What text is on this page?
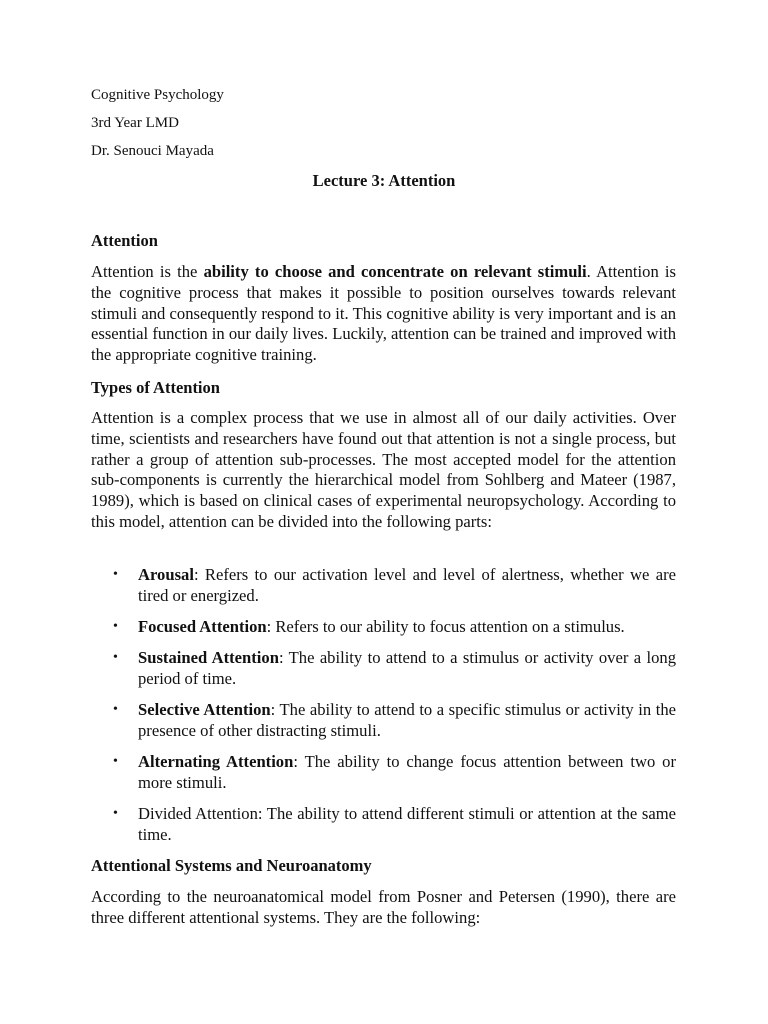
Cognitive Psychology
3rd Year LMD
Dr. Senouci Mayada
Lecture 3: Attention
Attention
Attention is the ability to choose and concentrate on relevant stimuli. Attention is the cognitive process that makes it possible to position ourselves towards relevant stimuli and consequently respond to it. This cognitive ability is very important and is an essential function in our daily lives. Luckily, attention can be trained and improved with the appropriate cognitive training.
Types of Attention
Attention is a complex process that we use in almost all of our daily activities. Over time, scientists and researchers have found out that attention is not a single process, but rather a group of attention sub-processes. The most accepted model for the attention sub-components is currently the hierarchical model from Sohlberg and Mateer (1987, 1989), which is based on clinical cases of experimental neuropsychology. According to this model, attention can be divided into the following parts:
• Arousal: Refers to our activation level and level of alertness, whether we are tired or energized.
• Focused Attention: Refers to our ability to focus attention on a stimulus.
• Sustained Attention: The ability to attend to a stimulus or activity over a long period of time.
• Selective Attention: The ability to attend to a specific stimulus or activity in the presence of other distracting stimuli.
• Alternating Attention: The ability to change focus attention between two or more stimuli.
• Divided Attention: The ability to attend different stimuli or attention at the same time.
Attentional Systems and Neuroanatomy
According to the neuroanatomical model from Posner and Petersen (1990), there are three different attentional systems. They are the following:
